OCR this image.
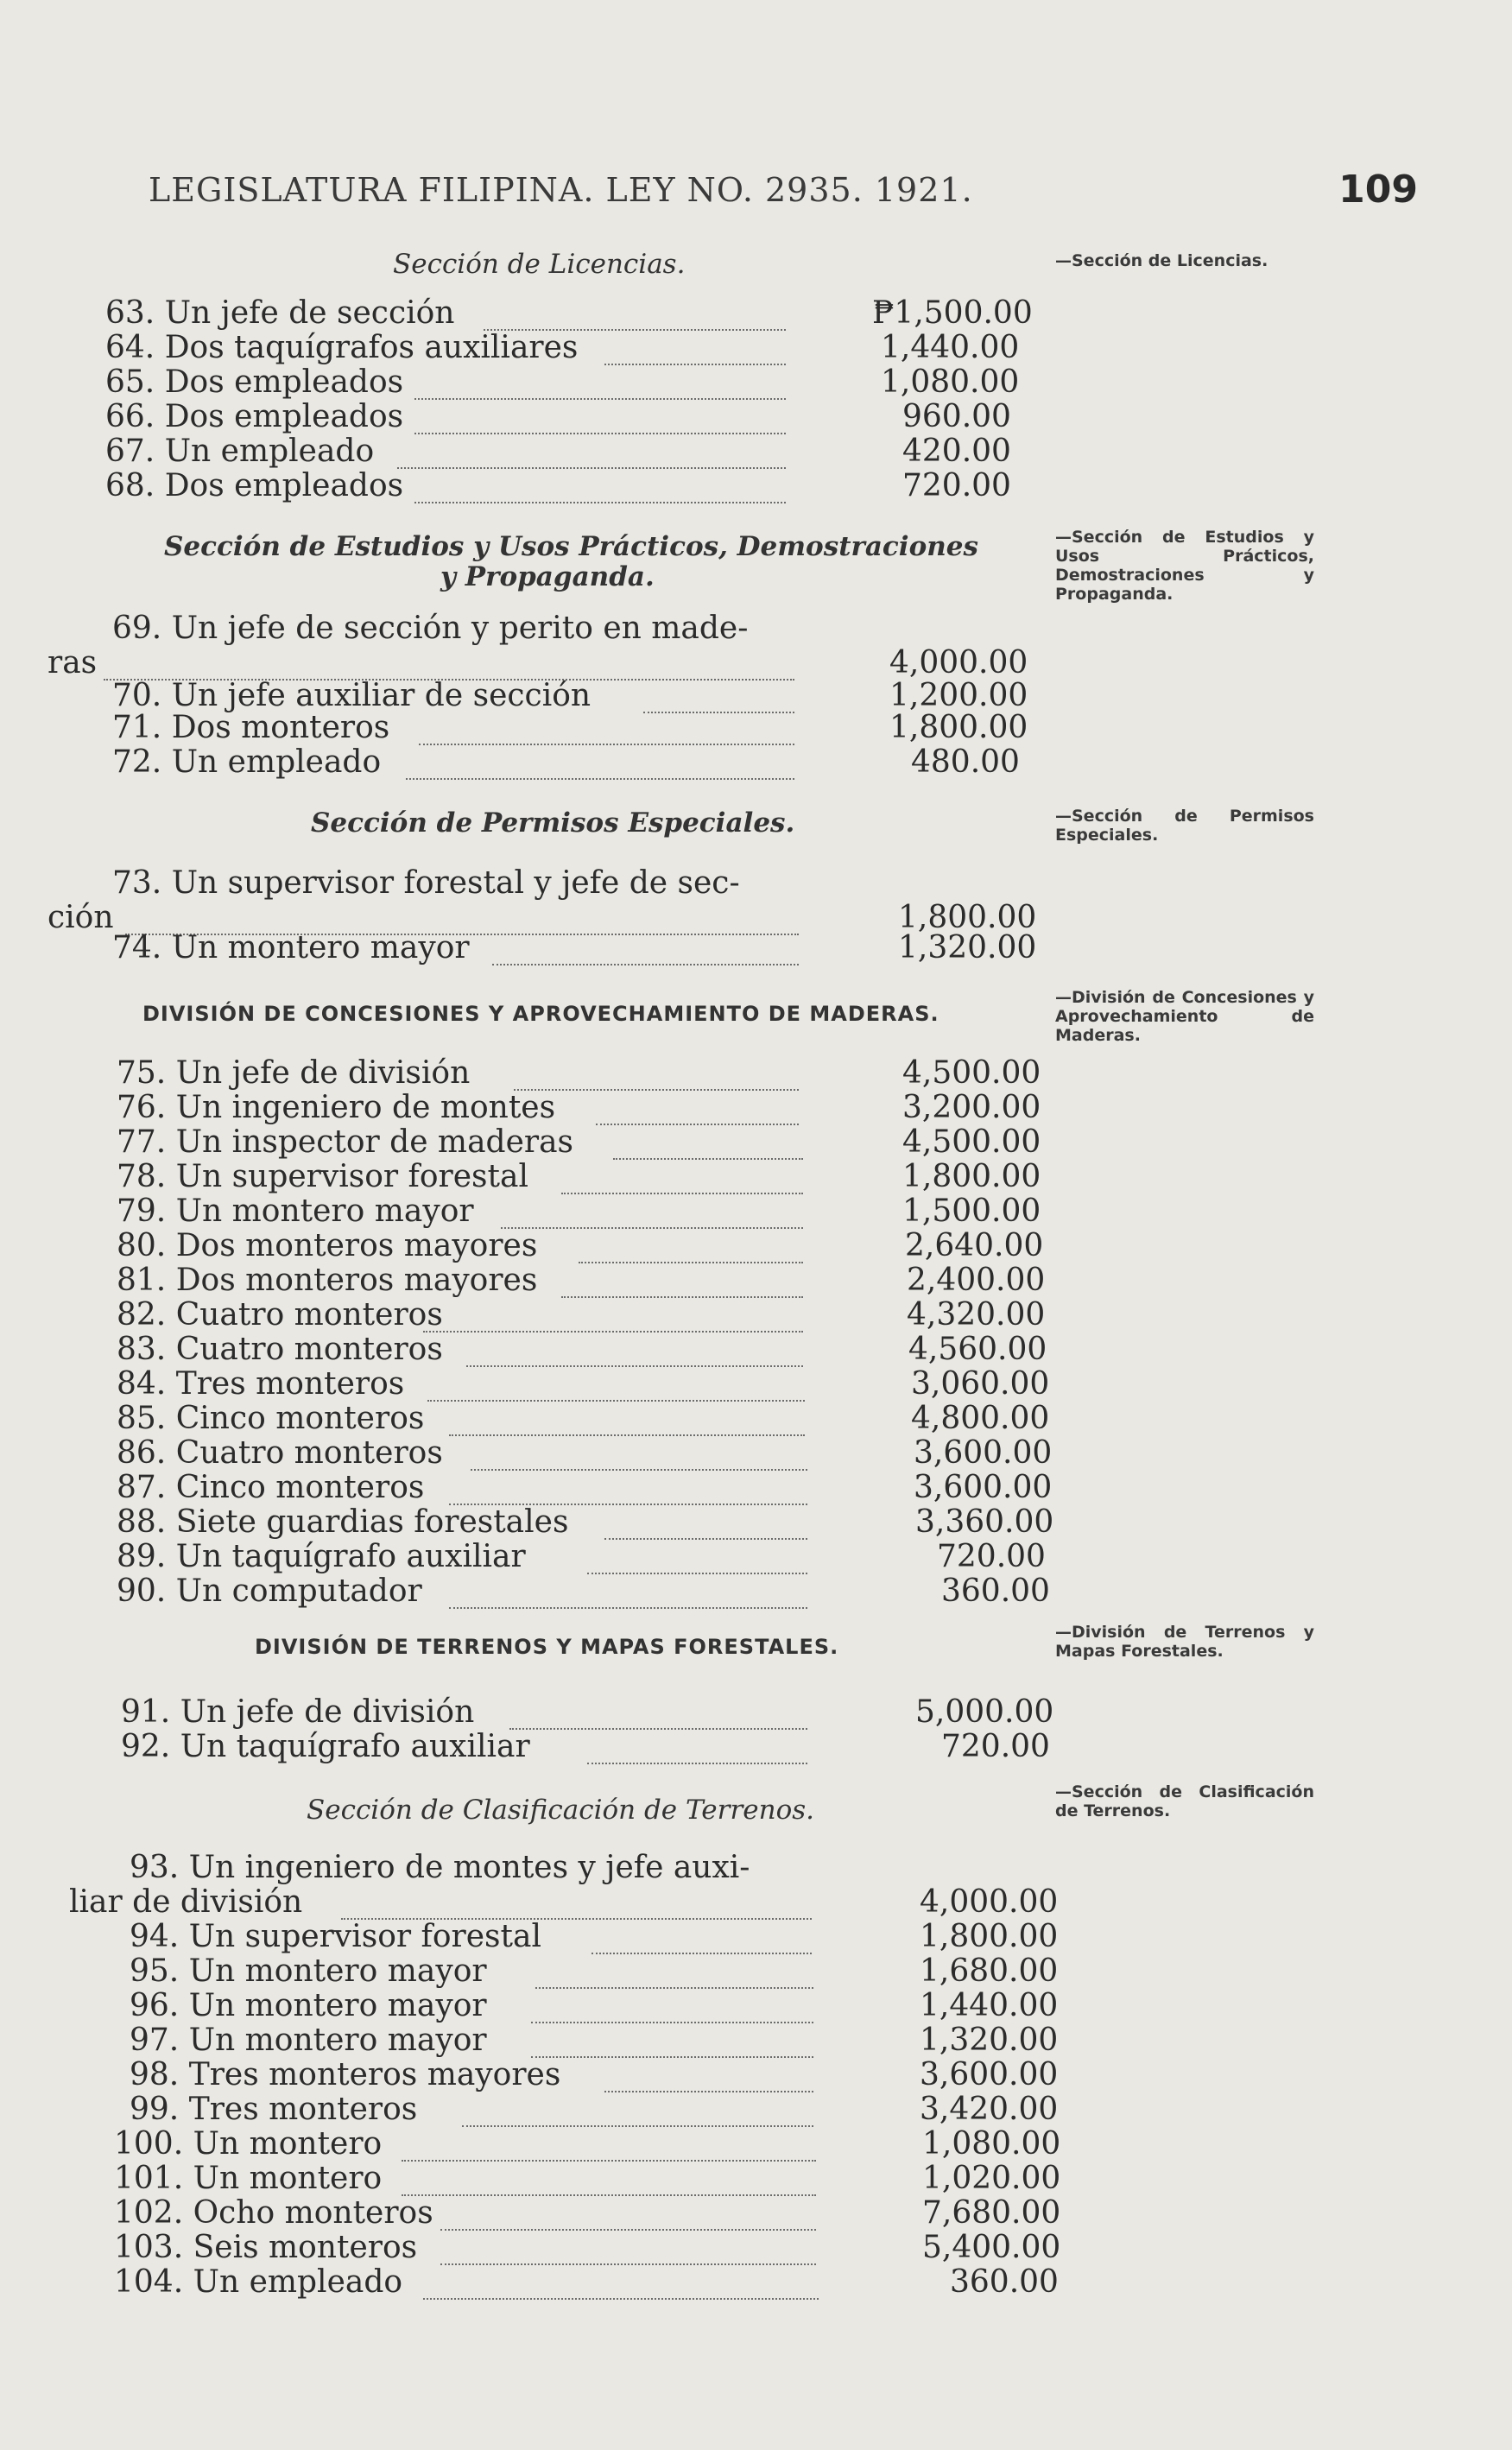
LEGISLATURA FILIPINA. LEY NO. 2935. 1921.	109
Sección de Licencias.
Sección de Estudios y Usos Prácticos, Demostraciones
y Propaganda.
Sección de Permisos Especiales.
DIVISIÓN DE CONCESIONES Y APROVECHAMIENTO DE MADERAS.
DIVISIÓN DE TERRENOS Y MAPAS FORESTALES.
Sección de Clasificación de Terrenos.
—Sección de Licencias.
—Sección de Estudios y Usos Prácticos, Demostraciones y Propaganda.
—Sección de Permisos Especiales.
—División de Concesiones y Aprovechamiento de Maderas.
—División de Terrenos y Mapas Forestales.
—Sección de Clasificación de Terrenos.
63. Un jefe de sección	₱1,500.00
64. Dos taquígrafos auxiliares	1,440.00
65. Dos empleados	1,080.00
66. Dos empleados	960.00
67. Un empleado	420.00
68. Dos empleados	720.00
69. Un jefe de sección y perito en made-
ras	4,000.00
70. Un jefe auxiliar de sección	1,200.00
71. Dos monteros	1,800.00
72. Un empleado	480.00
73. Un supervisor forestal y jefe de sec-
ción	1,800.00
74. Un montero mayor	1,320.00
75. Un jefe de división	4,500.00
76. Un ingeniero de montes	3,200.00
77. Un inspector de maderas	4,500.00
78. Un supervisor forestal	1,800.00
79. Un montero mayor	1,500.00
80. Dos monteros mayores	2,640.00
81. Dos monteros mayores	2,400.00
82. Cuatro monteros	4,320.00
83. Cuatro monteros	4,560.00
84. Tres monteros	3,060.00
85. Cinco monteros	4,800.00
86. Cuatro monteros	3,600.00
87. Cinco monteros	3,600.00
88. Siete guardias forestales	3,360.00
89. Un taquígrafo auxiliar	720.00
90. Un computador	360.00
91. Un jefe de división	5,000.00
92. Un taquígrafo auxiliar	720.00
93. Un ingeniero de montes y jefe auxi-
liar de división	4,000.00
94. Un supervisor forestal	1,800.00
95. Un montero mayor	1,680.00
96. Un montero mayor	1,440.00
97. Un montero mayor	1,320.00
98. Tres monteros mayores	3,600.00
99. Tres monteros	3,420.00
100. Un montero	1,080.00
101. Un montero	1,020.00
102. Ocho monteros	7,680.00
103. Seis monteros	5,400.00
104. Un empleado	360.00
